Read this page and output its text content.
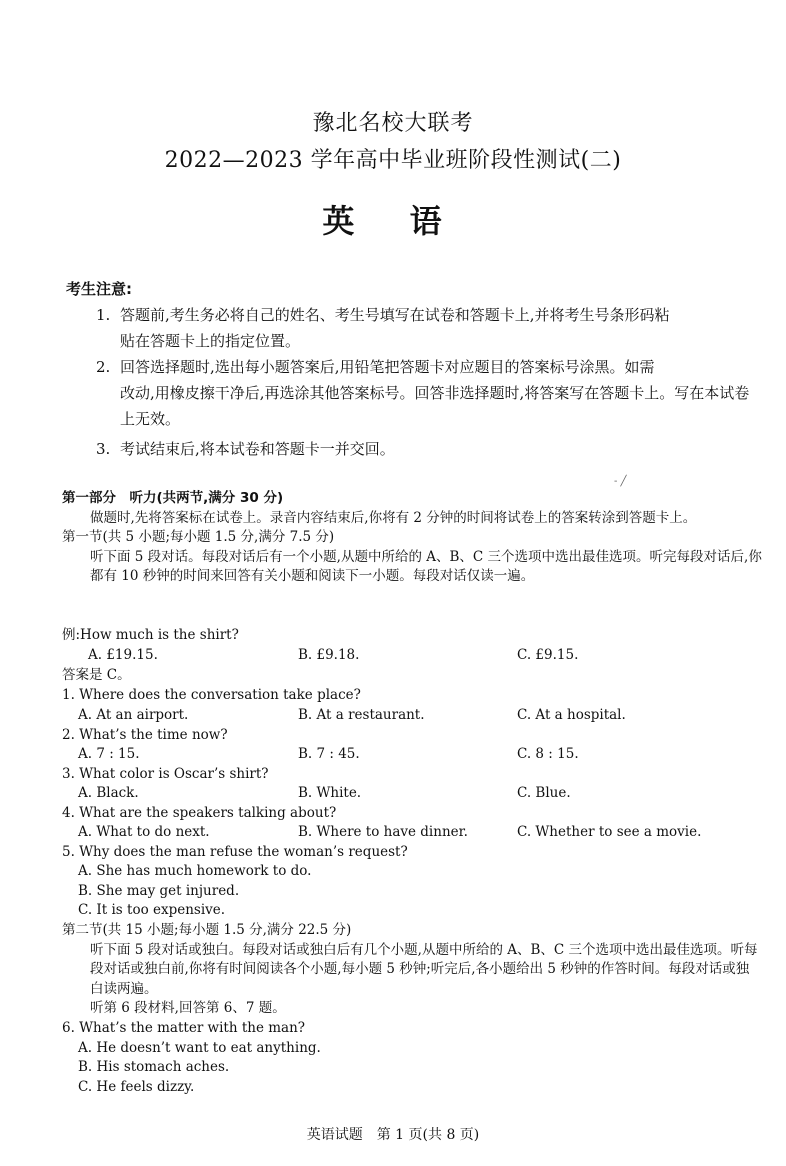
豫北名校大联考
2022—2023 学年高中毕业班阶段性测试(二)
英 语
考生注意:
1. 答题前,考生务必将自己的姓名、考生号填写在试卷和答题卡上,并将考生号条形码粘
贴在答题卡上的指定位置。
2. 回答选择题时,选出每小题答案后,用铅笔把答题卡对应题目的答案标号涂黑。如需
改动,用橡皮擦干净后,再选涂其他答案标号。回答非选择题时,将答案写在答题卡上。写在本试卷上无效。
3. 考试结束后,将本试卷和答题卡一并交回。
- ╱
第一部分　听力(共两节,满分 30 分)
做题时,先将答案标在试卷上。录音内容结束后,你将有 2 分钟的时间将试卷上的答案转涂到答题卡上。
第一节(共 5 小题;每小题 1.5 分,满分 7.5 分)
听下面 5 段对话。每段对话后有一个小题,从题中所给的 A、B、C 三个选项中选出最佳选项。听完每段对话后,你都有 10 秒钟的时间来回答有关小题和阅读下一小题。每段对话仅读一遍。
例:How much is the shirt?
A. £19.15.	B. £9.18.	C. £9.15.
答案是 C。
1. Where does the conversation take place?
A. At an airport.	B. At a restaurant.	C. At a hospital.
2. What’s the time now?
A. 7 : 15.	B. 7 : 45.	C. 8 : 15.
3. What color is Oscar’s shirt?
A. Black.	B. White.	C. Blue.
4. What are the speakers talking about?
A. What to do next.	B. Where to have dinner.	C. Whether to see a movie.
5. Why does the man refuse the woman’s request?
A. She has much homework to do.
B. She may get injured.
C. It is too expensive.
第二节(共 15 小题;每小题 1.5 分,满分 22.5 分)
听下面 5 段对话或独白。每段对话或独白后有几个小题,从题中所给的 A、B、C 三个选项中选出最佳选项。听每段对话或独白前,你将有时间阅读各个小题,每小题 5 秒钟;听完后,各小题给出 5 秒钟的作答时间。每段对话或独白读两遍。
听第 6 段材料,回答第 6、7 题。
6. What’s the matter with the man?
A. He doesn’t want to eat anything.
B. His stomach aches.
C. He feels dizzy.
英语试题　第 1 页(共 8 页)
